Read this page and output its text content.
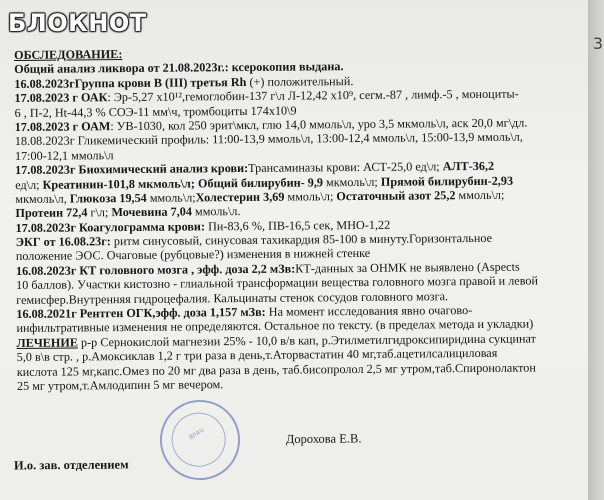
БЛОКНОТ
ОБСЛЕДОВАНИЕ:
Общий анализ ликвора от 21.08.2023г.: ксерокопия выдана.
16.08.2023гГруппа крови В (III) третья Rh (+) положительный.
17.08.2023 г ОАК: Эр-5,27 х10¹²,гемоглобин-137 г\л Л-12,42 х10⁹, сегм.-87 , лимф.-5 , моноциты-
6 , П-2, Нt-44,3 % СОЭ-11 мм\ч, тромбоциты 174х10\9
17.08.2023 г ОАМ: УВ-1030, кол 250 эрит\мкл, глю 14,0 ммоль\л, уро 3,5 мкмоль\л, аск 20,0 мг\дл.
18.08.2023г Гликемический профиль: 11:00-13,9 ммоль\л, 13:00-12,4 ммоль\л, 15:00-13,9 ммоль\л,
17:00-12,1 ммоль\л
17.08.2023г Биохимический анализ крови:Трансаминазы крови: АСТ-25,0 ед\л; АЛТ-36,2
ед\л; Креатинин-101,8 мкмоль\л; Общий билирубин- 9,9 мкмоль\л; Прямой билирубин-2,93
мкмоль\л, Глюкоза 19,54 ммоль\л;Холестерин 3,69 ммоль\л; Остаточный азот 25,2 ммоль\л;
Протеин 72,4 г\л; Мочевина 7,04 ммоль\л.
17.08.2023г Коагулограмма крови: Пи-83,6 %, ПВ-16,5 сек, МНО-1,22
ЭКГ от 16.08.23г: ритм синусовый, синусовая тахикардия 85-100 в минуту.Горизонтальное
положение ЭОС. Очаговые (рубцовые?) изменения в нижней стенке
16.08.2023г КТ головного мозга , эфф. доза 2,2 мЗв:КТ-данных за ОНМК не выявлено (Aspects
10 баллов). Участки кистозно - глиальной трансформации вещества головного мозга правой и левой
гемисфер.Внутренняя гидроцефалия. Кальцинаты стенок сосудов головного мозга.
16.08.2021г Рентген ОГК,эфф. доза 1,157 мЗв: На момент исследования явно очагово-
инфильтративные изменения не определяются. Остальное по тексту. (в пределах метода и укладки)
ЛЕЧЕНИЕ р-р Сернокислой магнезии 25% - 10,0 в/в кап, р.Этилметилгидроксипиридина сукцинат
5,0 в\в стр. , р.Амоксиклав 1,2 г три раза в день,т.Аторвастатин 40 мг,таб.ацетилсалициловая
кислота 125 мг,капс.Омез по 20 мг два раза в день, таб.бисопролол 2,5 мг утром,таб.Спиронолактон
25 мг утром,т.Амлодипин 5 мг вечером.
ВРАЧ
И.о. зав. отделением
Дорохова Е.В.
3
